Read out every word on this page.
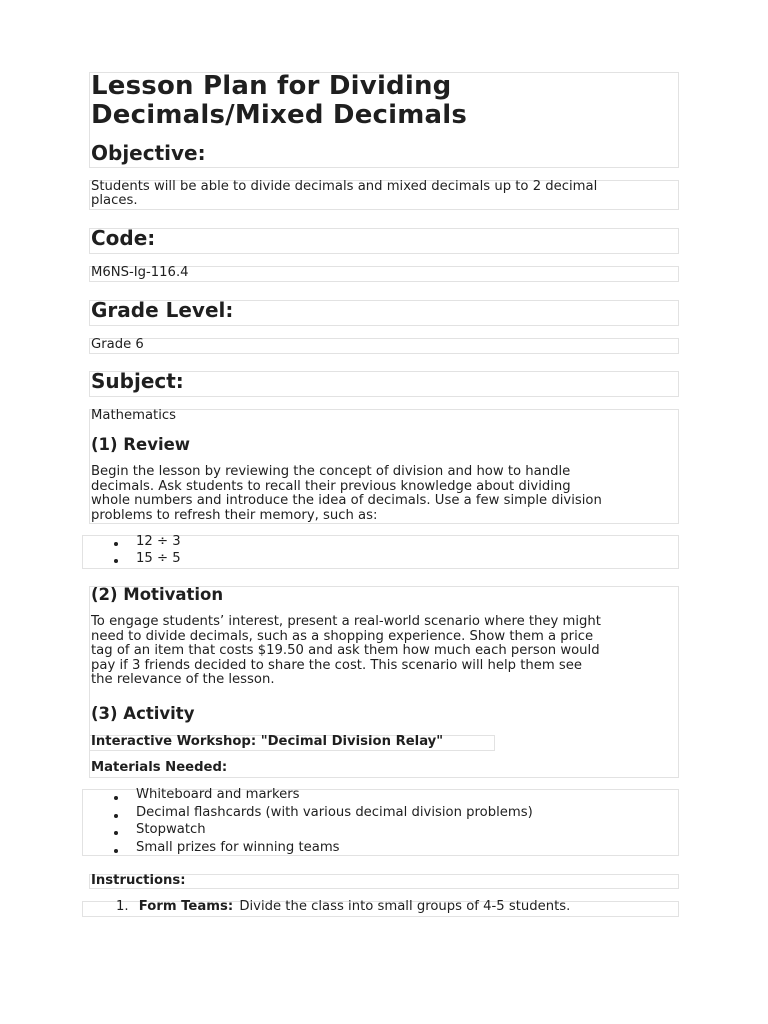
Lesson Plan for Dividing
Decimals/Mixed Decimals
Objective:
Students will be able to divide decimals and mixed decimals up to 2 decimal
places.
Code:
M6NS-Ig-116.4
Grade Level:
Grade 6
Subject:
Mathematics
(1) Review
Begin the lesson by reviewing the concept of division and how to handle
decimals. Ask students to recall their previous knowledge about dividing
whole numbers and introduce the idea of decimals. Use a few simple division
problems to refresh their memory, such as:
12 ÷ 3
15 ÷ 5
(2) Motivation
To engage students’ interest, present a real-world scenario where they might
need to divide decimals, such as a shopping experience. Show them a price
tag of an item that costs $19.50 and ask them how much each person would
pay if 3 friends decided to share the cost. This scenario will help them see
the relevance of the lesson.
(3) Activity
Interactive Workshop: "Decimal Division Relay"
Materials Needed:
Whiteboard and markers
Decimal flashcards (with various decimal division problems)
Stopwatch
Small prizes for winning teams
Instructions:
1. Form Teams: Divide the class into small groups of 4-5 students.
